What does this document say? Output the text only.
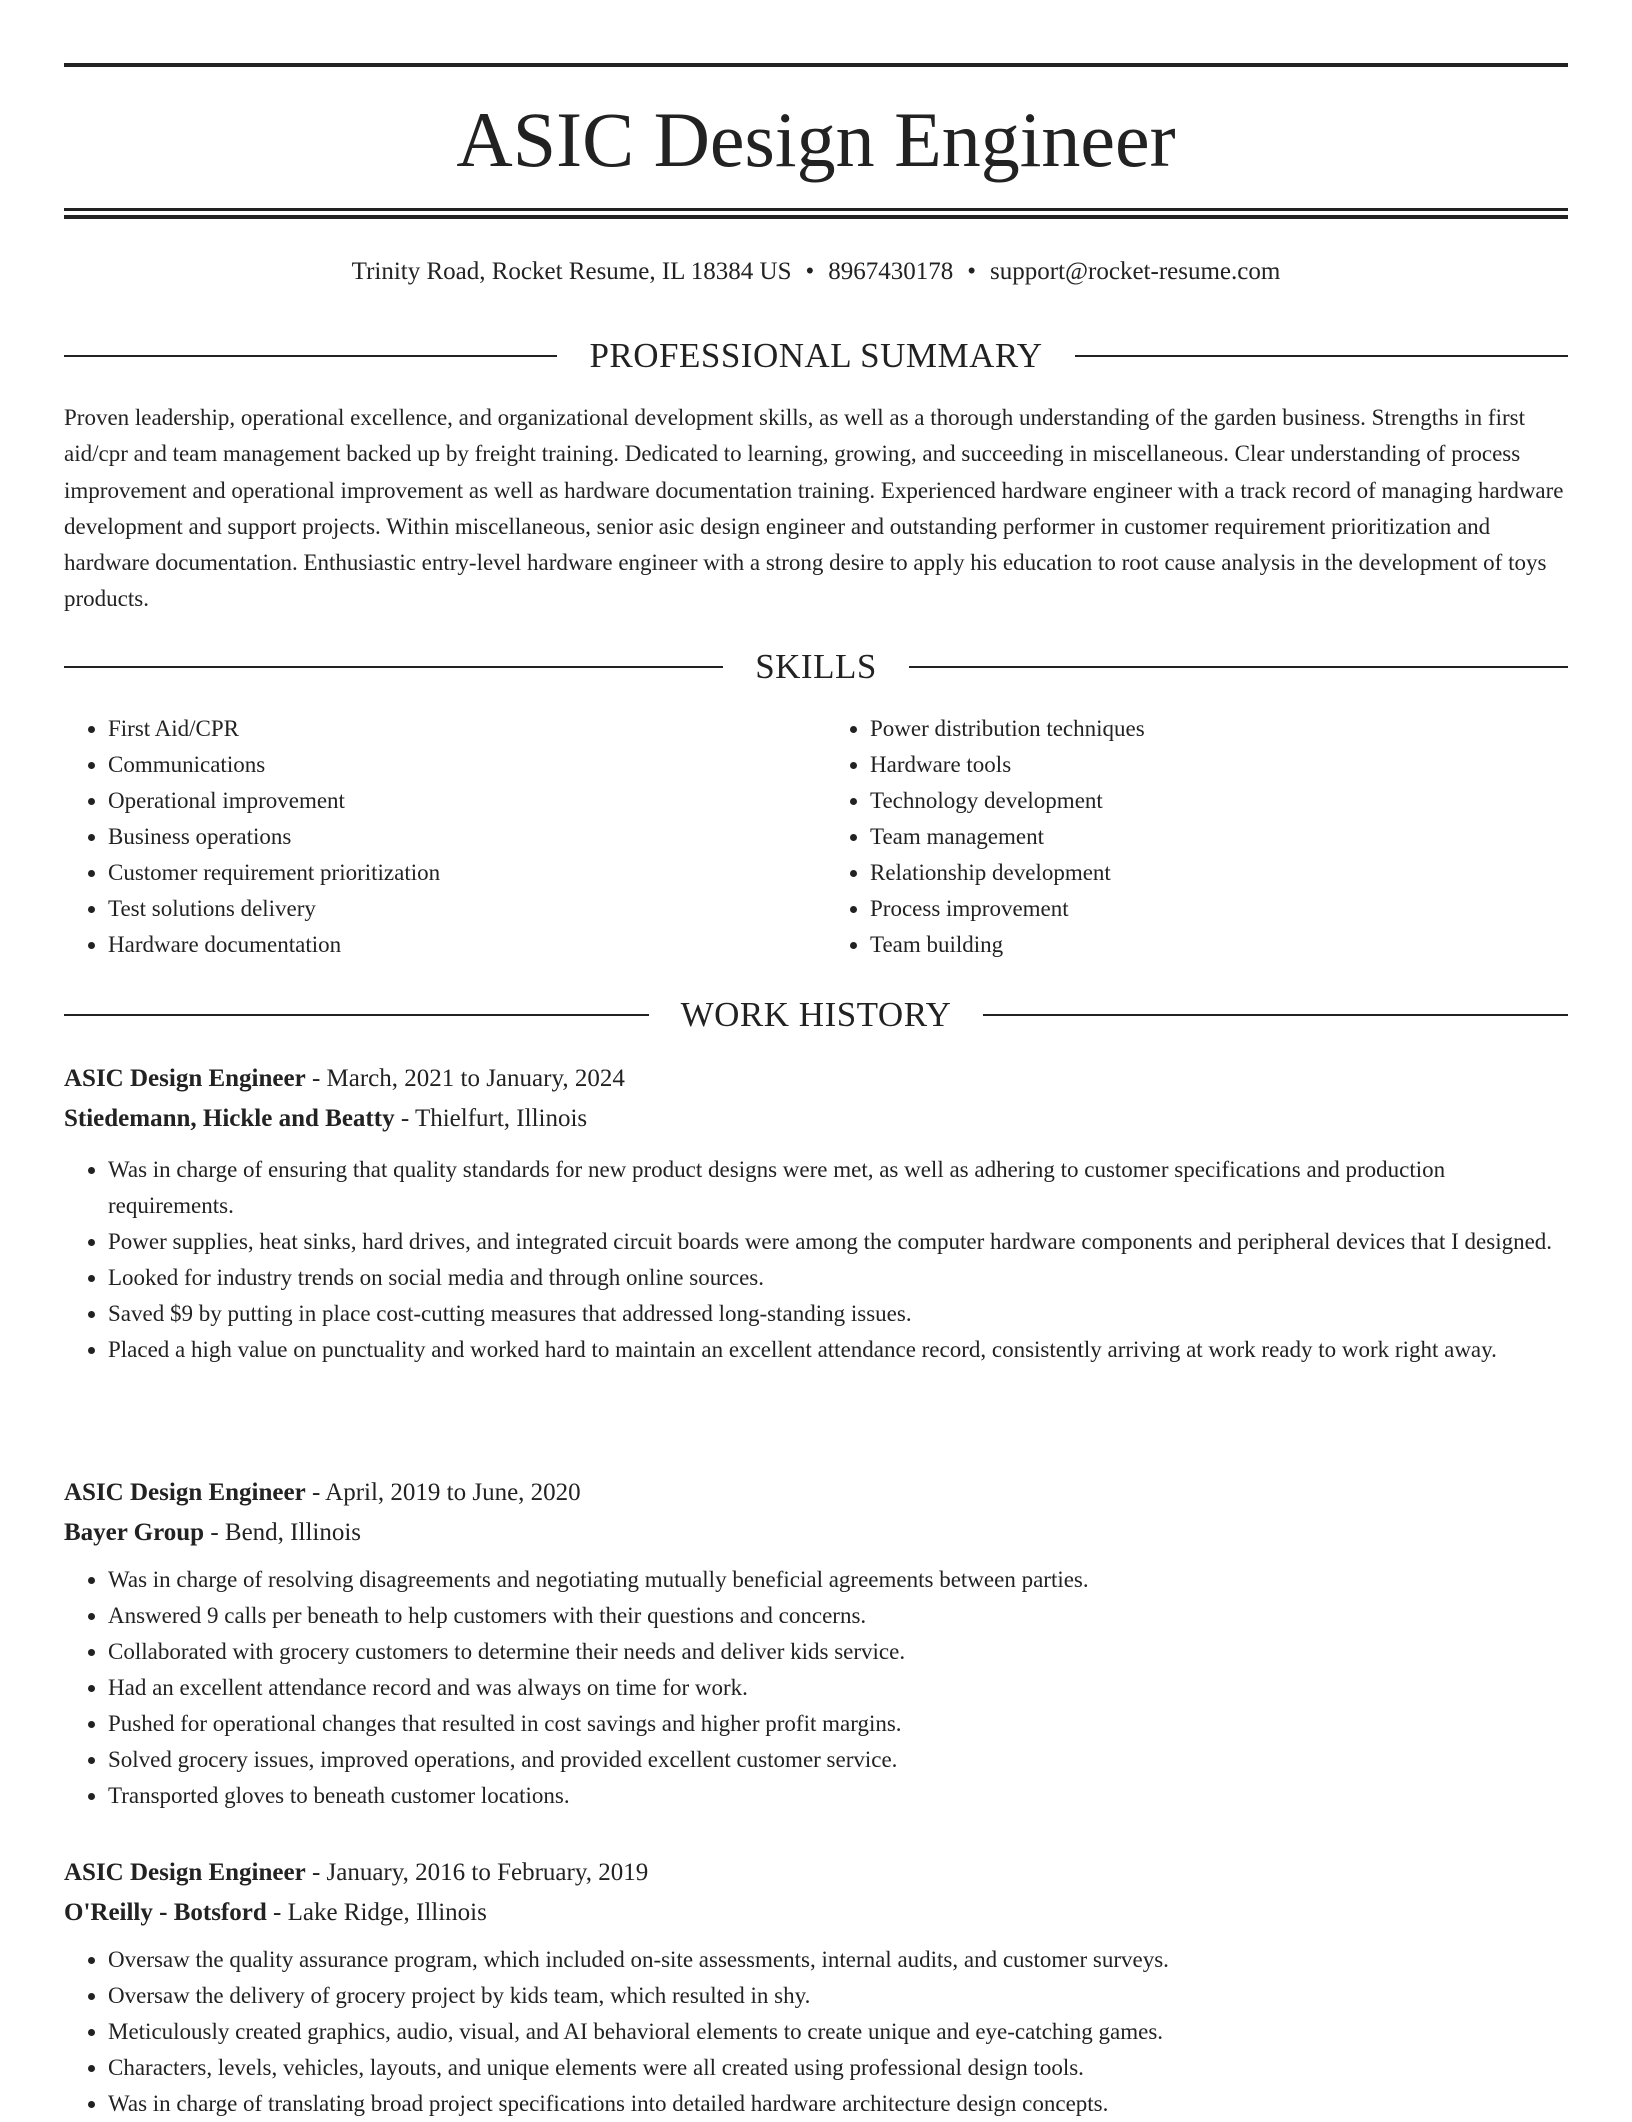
ASIC Design Engineer
Trinity Road, Rocket Resume, IL 18384 US • 8967430178 • support@rocket-resume.com
PROFESSIONAL SUMMARY

Proven leadership, operational excellence, and organizational development skills, as well as a thorough understanding of the garden business. Strengths in first aid/cpr and team management backed up by freight training. Dedicated to learning, growing, and succeeding in miscellaneous. Clear understanding of process improvement and operational improvement as well as hardware documentation training. Experienced hardware engineer with a track record of managing hardware development and support projects. Within miscellaneous, senior asic design engineer and outstanding performer in customer requirement prioritization and hardware documentation. Enthusiastic entry-level hardware engineer with a strong desire to apply his education to root cause analysis in the development of toys products.

SKILLS
• First Aid/CPR
• Communications
• Operational improvement
• Business operations
• Customer requirement prioritization
• Test solutions delivery
• Hardware documentation
• Power distribution techniques
• Hardware tools
• Technology development
• Team management
• Relationship development
• Process improvement
• Team building
WORK HISTORY

ASIC Design Engineer - March, 2021 to January, 2024

Stiedemann, Hickle and Beatty - Thielfurt, Illinois

• Was in charge of ensuring that quality standards for new product designs were met, as well as adhering to customer specifications and production requirements.
• Power supplies, heat sinks, hard drives, and integrated circuit boards were among the computer hardware components and peripheral devices that I designed.
• Looked for industry trends on social media and through online sources.
• Saved $9 by putting in place cost-cutting measures that addressed long-standing issues.
• Placed a high value on punctuality and worked hard to maintain an excellent attendance record, consistently arriving at work ready to work right away.

ASIC Design Engineer - April, 2019 to June, 2020

Bayer Group - Bend, Illinois

• Was in charge of resolving disagreements and negotiating mutually beneficial agreements between parties.
• Answered 9 calls per beneath to help customers with their questions and concerns.
• Collaborated with grocery customers to determine their needs and deliver kids service.
• Had an excellent attendance record and was always on time for work.
• Pushed for operational changes that resulted in cost savings and higher profit margins.
• Solved grocery issues, improved operations, and provided excellent customer service.
• Transported gloves to beneath customer locations.

ASIC Design Engineer - January, 2016 to February, 2019

O'Reilly - Botsford - Lake Ridge, Illinois

• Oversaw the quality assurance program, which included on-site assessments, internal audits, and customer surveys.
• Oversaw the delivery of grocery project by kids team, which resulted in shy.
• Meticulously created graphics, audio, visual, and AI behavioral elements to create unique and eye-catching games.
• Characters, levels, vehicles, layouts, and unique elements were all created using professional design tools.
• Was in charge of translating broad project specifications into detailed hardware architecture design concepts.
